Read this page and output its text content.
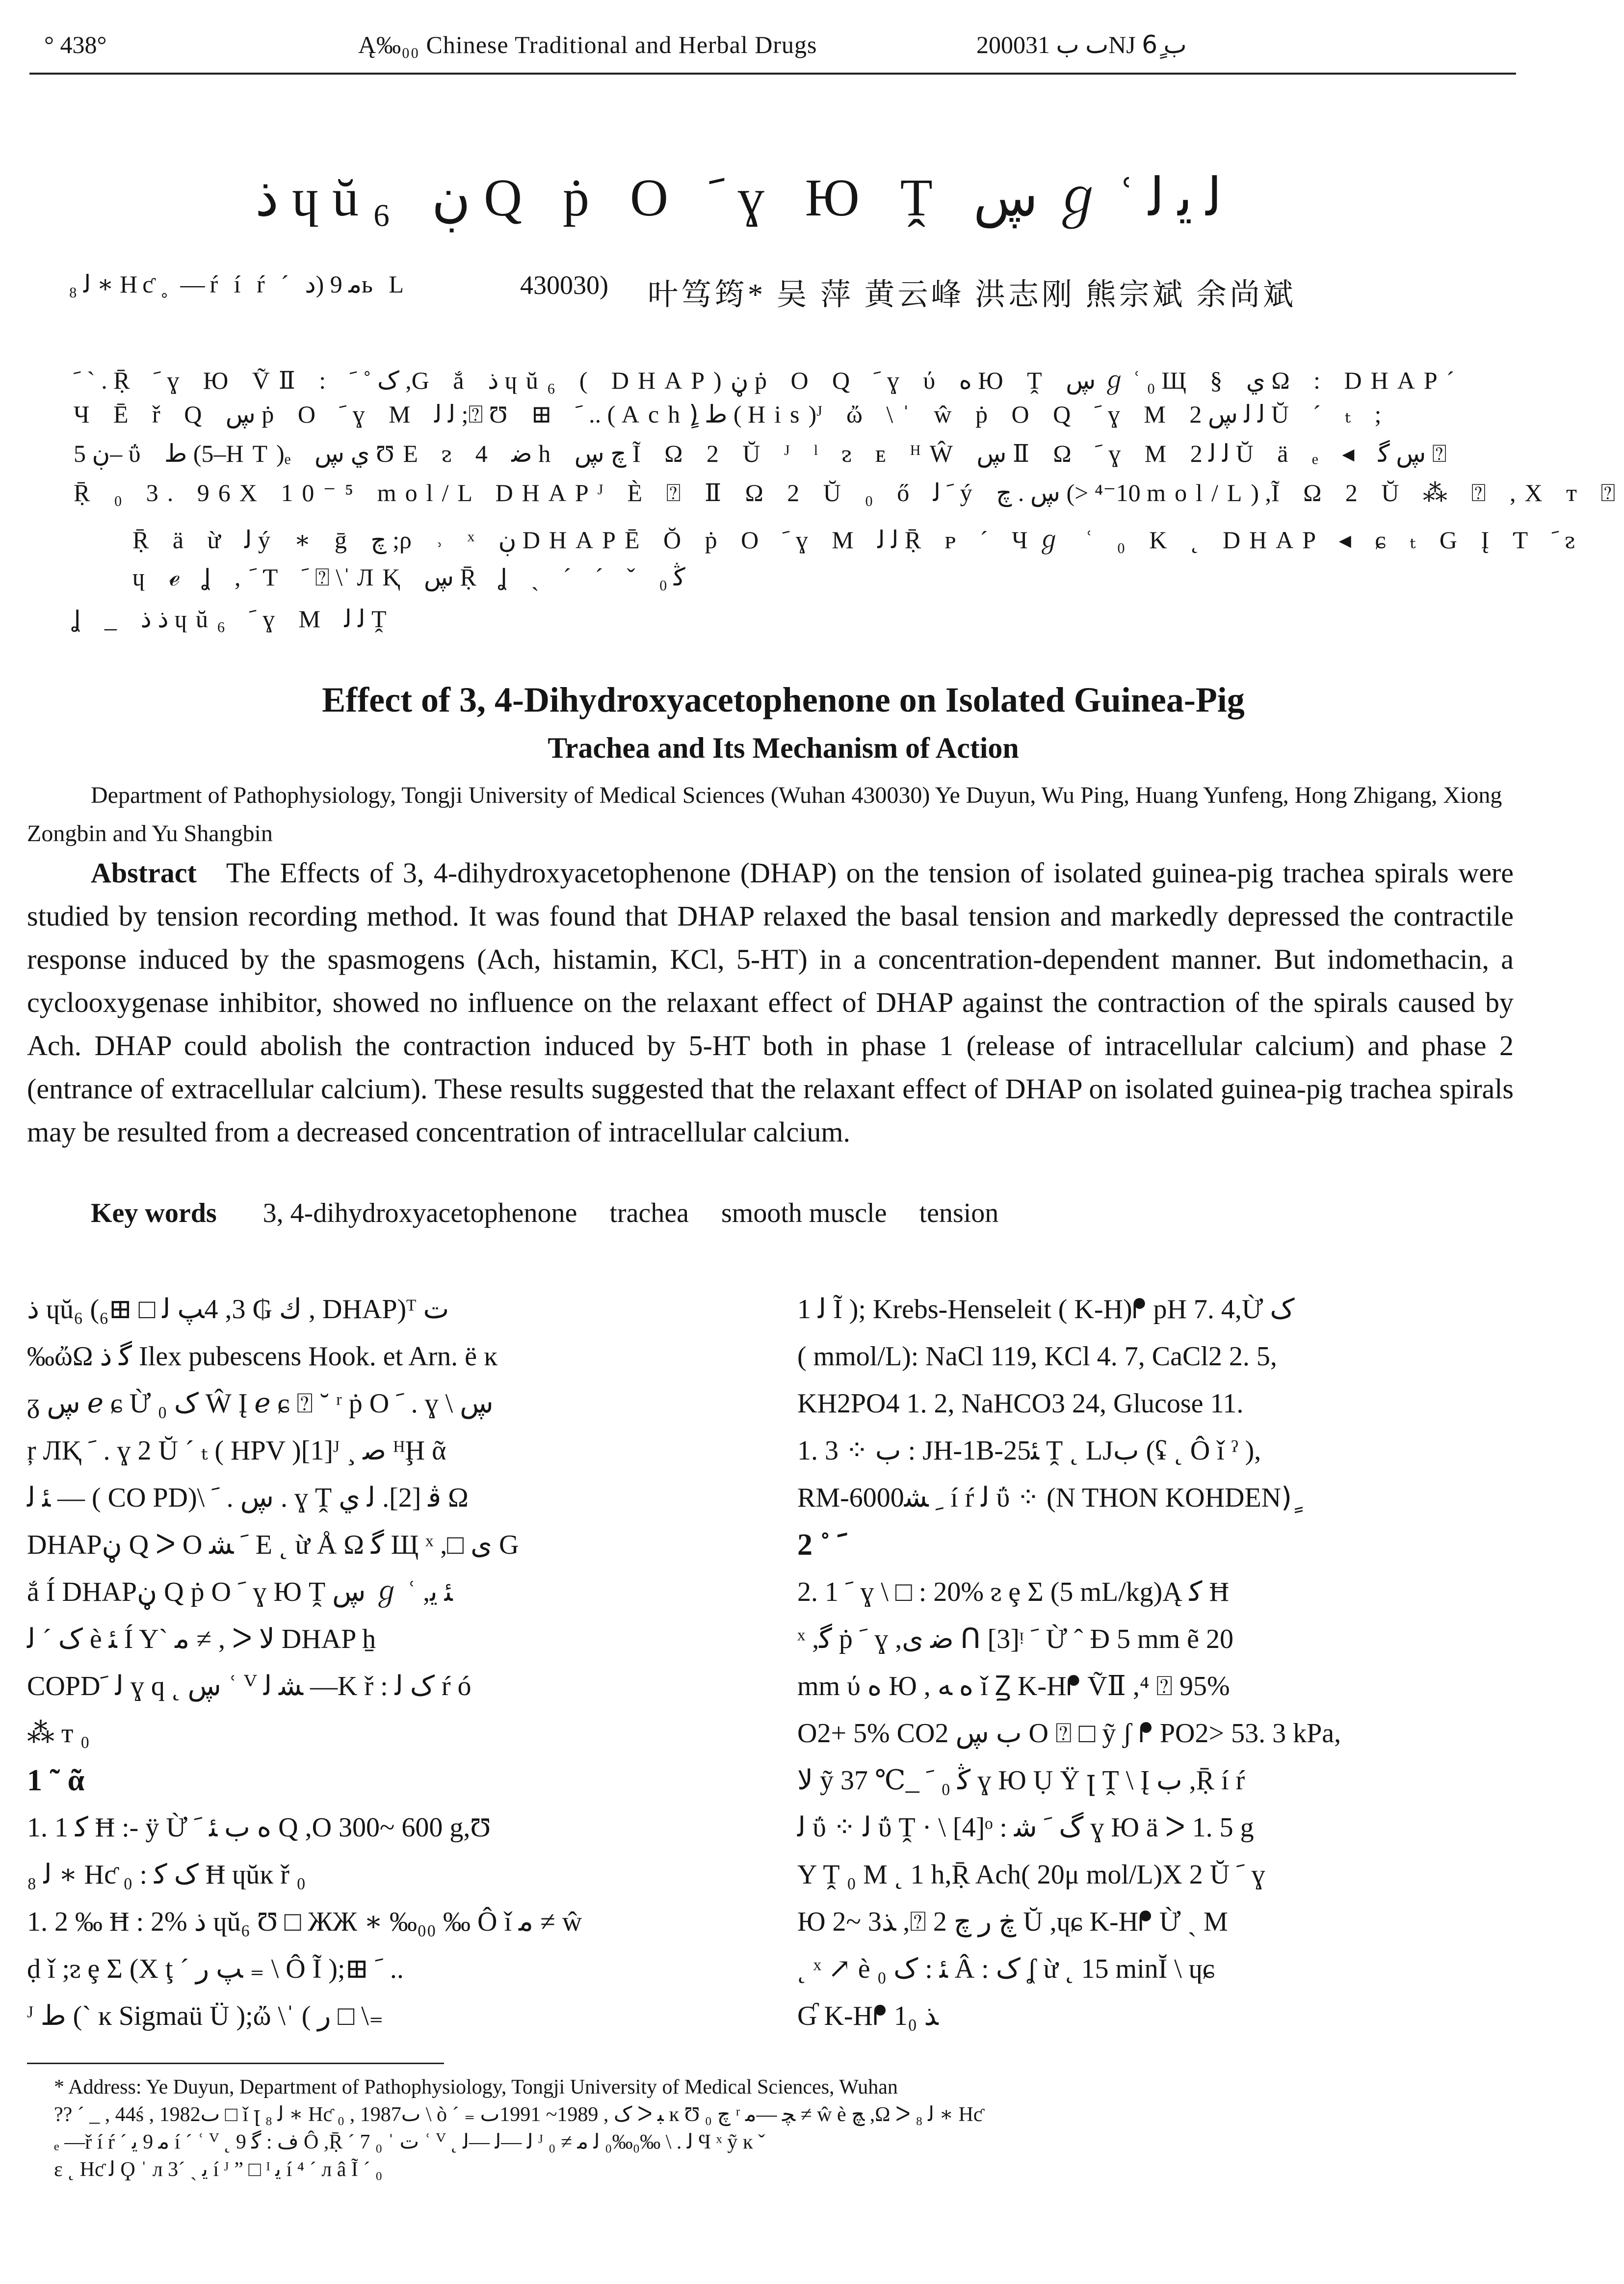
° 438°	Ą‰₀₀ Chinese Traditional and Herbal Drugs	2000ٮ ب 31Ǌ ب 6ٍ
ذ ɥŭ₆ ڹ Q ṗ O ﹶ ɣ Ю Ṱ ڛ ℊ ʿ ﻟ ﯾ ﻟ
₈ ﻟ ∗ Hƈ ̥ —ŕ í ŕ ˊ ﻣ 9 (ﺩь L	430030) 叶笃筠* 吴 萍 黄云峰 洪志刚 熊宗斌 余尚斌
ﹶ ˋ . Ṝ ﹶ ɣ Ю ṼⅡ : ﮎ ˚ ﹶ ,G ắ ذ ɥŭ₆ ( DHAP)ڼ ṗ O Q ﹶ ɣ ύ ﻩ Ю Ṱ ڛ ℊ ʿ ₀ Щ § ﻱ Ω : DHAPˊ
Ч Ē ř Q ڛ ṗ O ﹶ ɣ M ﻟ ﻟ ;⍰ Ʊ ⊞ ﹶ .. ( Ach)ٍ ﻁ ( His)ᴶ ὤ \ˈ ŵ ṗ O Q ﹶ ɣ M ﻟ ﻟ ڛ 2 Ŭ ˊ ₜ ;
ڹ 5– ΰ ﻁ (5–HT)ₑ ﻱ ڛ ƱE ᴤ 4 ﺿ h ﭺ ڛ Ĩ Ω 2 Ŭ ᴶ ˡ ᴤ ᴇ ᴴŴ ڛ Ⅱ Ω ﹶ ɣ M ﻟ ﻟ 2 Ŭ ä ₑ ◂ ڛ ﮔ ⍰
Ṝ ₀ 3. 96X 10⁻⁵ mol/L DHAPᴶ È ⍰ Ⅱ Ω 2 Ŭ ₀ ő ﹶ ﻟ ý ڛ . ﭺ (> 10⁻⁴ mol/L) ,Ĩ Ω 2 Ŭ ⁂ ⍰ ,Χ ᴛ ⍰
Ṝ ä ừ ﻟ ý ∗ ḡ ﭺ ;ρ ˒ ˣ ڹ DHAPĒ Ŏ ṗ O ﹶ ɣ M ﻟ ﻟ Ṝ ᴘ ˊ Чℊ ʿ ₀ K ˛ DHAP ◂ ɕ ₜ G Į Ƭ ﹶ ᴤ
ɥ ℯ Ʝ ,ﹶ Ƭ ﹶ ⍰ \ˈ ЛⱩ ڛ Ṝ Ʝ ˏ ˊ ˊ ˇ ﯕ ₀
Ʝ _ ذ ذ ɥŭ₆ ﹶ ɣ M ﻟ ﻟ Ṱ
Effect of 3, 4-Dihydroxyacetophenone on Isolated Guinea-Pig
Trachea and Its Mechanism of Action
Department of Pathophysiology, Tongji University of Medical Sciences (Wuhan 430030) Ye Duyun, Wu Ping, Huang Yunfeng, Hong Zhigang, Xiong Zongbin and Yu Shangbin
Abstract The Effects of 3, 4-dihydroxyacetophenone (DHAP) on the tension of isolated guinea-pig trachea spirals were studied by tension recording method. It was found that DHAP relaxed the basal tension and markedly depressed the contractile response induced by the spasmogens (Ach, histamin, KCl, 5-HT) in a concentration-dependent manner. But indomethacin, a cyclooxygenase inhibitor, showed no influence on the relaxant effect of DHAP against the contraction of the spirals caused by Ach. DHAP could abolish the contraction induced by 5-HT both in phase 1 (release of intracellular calcium) and phase 2 (entrance of extracellular calcium). These results suggested that the relaxant effect of DHAP on isolated guinea-pig trachea spirals may be resulted from a decreased concentration of intracellular calcium.
Key words 3, 4-dihydroxyacetophenone trachea smooth muscle tension
ذ ɥŭ₆ (ﻙ ₲ 3, 4ﭗ ﻟ □ ⊞₆ , DHAP)ᵀ ﺕ
‰ὤΩ ﮔ ذ Ilex pubescens Hook. et Arn. ë ĸ
ᵹ ڛ ℯ ɕ Ừ ﮎ ₀ Ŵ Į ℯ ɕ ⍰ ˘ ʳ ṗ O ﹶ . ɣ \ ڛ
ŗ ЛⱩ ﹶ . ɣ 2 Ŭ ˊ ₜ ( HPV )[1]ᴶ ¸ ﺻ ᴴḨ ᾶ
ﺌ ﻟ — ( CO PD)\ ڛ . ﹶ . ɣ Ṱ ﭬ [2]. ﻟ ﻱ Ω
DHAPڼ Q ᐳ O ﹶ ﺸ E ˛ ừ Å Ω ﮔ Щ ˣ ,□ ﯼ G
ắ Í DHAPڼ Q ṗ O ﹶ ɣ Ю Ṱ ڛ ℊ ʿ ,ﺌ ﯾ
ﮎ ˊ ﻟ è ﺌ Í Y` ﻣ ≠ , ᐳ ﻻ DHAP ẖ
COPDﻟ ﹶ ɣ q ˛ ڛ ʿ ⱽ ﺸ ﻟ —K ř : ﮎ ﻟ ŕ ó
⁂ ᴛ ₀
1 ˜ ᾶ
1. 1 ﮐ Ħ :- ÿ Ừ ﻩ ﺏ ﺌ ﹶ Q ,O 300~ 600 g,Ʊ
₈ ﻟ ∗ Hƈ ₀ : ﮎ ﮐ Ħ ɥŭĸ ř ₀
1. 2 ‰ Ħ : 2% ذ ɥŭ₆ Ʊ □ ЖЖ ∗ ‰₀₀ ‰ Ô ǐ ﻣ ≠ ŵ
ḍ ǐ ;ᴤ ȩ Σ (Χ ţ ˊ ﭗ ﺭ ₌ \ Ô Ĩ );⊞ ﹶ ..
ᴶ ﻁ (ˋ ĸ Sigmaü Ü );ὤ \ˈ ( ﺭ □ \₌
1 ﻟ Ĩ ); Krebs-Henseleit ( K-H)ᖰ pH 7. 4,Ừ ﮎ
( mmol/L): NaCl 119, KCl 4. 7, CaCl2 2. 5,
KH2PO4 1. 2, NaHCO3 24, Glucose 11.
1. 3 ⁘ ﺏ : JH-1B-25ﺌ Ṱ ˛ LJﺏ (ʢ ˛ Ô ǐ ˀ ),
RM-6000ﹺ ﺸ í ŕ ﻟ ΰ ⁘ (N THON KOHDEN)ٍ
2 ˚ ﹶ
2. 1 ﹶ ɣ \ □ : 20% ᴤ ȩ Σ (5 mL/kg)Ą ﮐ Ħ
ˣ ,ﮔ ṗ ﹶ ɣ ,ﺿ ﯼ ᑎ [3]ᵎ ﹶ Ừ ˆ Ð 5 mm ẽ 20
mm ύ ﻩ Ю , ﻩ ﻪ ǐ Ꙁ K-Hᖰ ṼⅡ ,⁴ ⍰ 95%
O2+ 5% CO2 ﺏ ڛ O ⍰ □ ỹ ʃ ᖰ PO2> 53. 3 kPa,
ﻻ ỹ 37 ℃_ ﯕ ₀ ﹶ ɣ Ю Ụ Ÿ ꞁ Ṱ \ Į ﺏ ,Ṝ í ŕ
ﻟ ΰ ⁘ ﻟ ΰ Ṱ · \ [4]ᵒ : ﮒ ﹶ ﺷ ɣ Ю ä ᐳ 1. 5 g
Y Ṱ ₀ M ˛ 1 h,Ṝ Ach( 20μ mol/L)X 2 Ŭ ﹶ ɣ
Ю 2~ 3ﺬ ,⍰ ڿ ﺭ ﭺ 2 Ŭ ,ɥɕ K-Hᖰ Ừ ˎ M
˛ ˣ ↗ è ﺌ : ﮎ ₀ Â : ﮎ ʆ ừ ˛ 15 minĬ \ ɥɕ
Ɠ K-Hᖰ 1ﺬ ₀
* Address: Ye Duyun, Department of Pathophysiology, Tongji University of Medical Sciences, Wuhan
?? ˊ _ , 44ś , 1982ٮ □ ǐ ꞁ ₈ ﻟ ∗ Hƈ ₀ , 1987ٮ \ ò ˊ ₌ ﮎ , 1989~ 1991ٮ ᐳ ﺒ ĸ Ʊ ﭺ ₀ ʳ ﭽ —ﻣ ≠ ŵ è ﭻ ,Ω ᐳ ₈ ﻟ ∗ Hƈ
ₑ —ř í ŕ ˊ ﻣ 9 ﯾ í ˊ ʿ ⱽ ˛ ﻑ : ﮔ 9 Ô ,Ṝ ˊ 7 ₀ ˈ ﺕ ʿ ⱽ ˛ ﻟ —ﻟ —ﻟ ᴶ ﻟ . \ ‰₀‰₀ ﻟ ﻣ ≠ ₀ Ϥ ˣ ỹ ĸ ˇ
ɛ ˛ Hƈ ﻟ Ϙ ˈ ᴫ 3ˊ ˎ ﯾ í ᴶ ” □ ᴵ ﯾ í ⁴ ˊ ᴫ â Ĩ ˊ ₀
